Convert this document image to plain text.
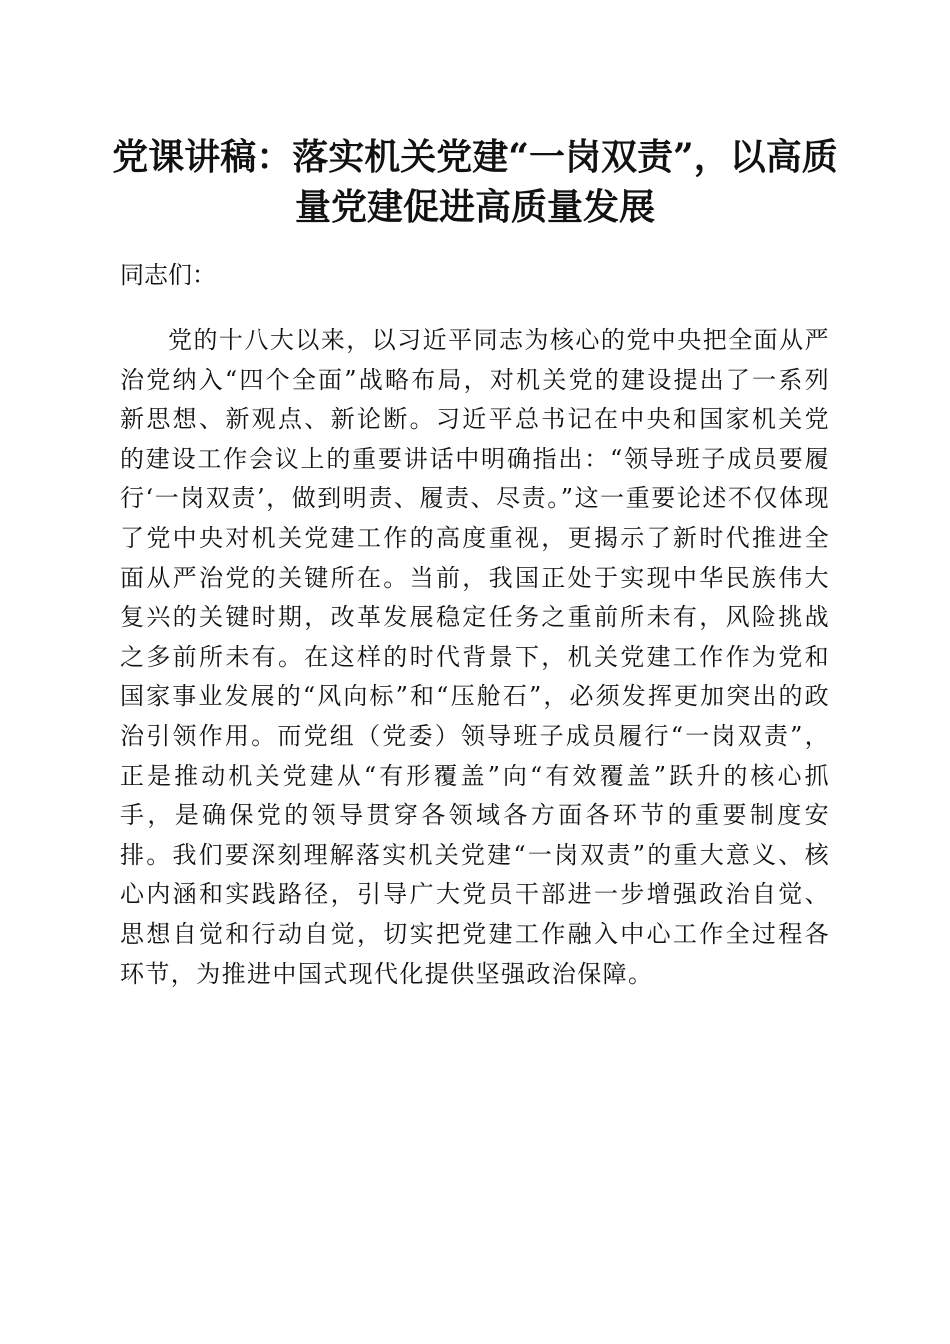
党课讲稿：落实机关党建“一岗双责”，以高质量党建促进高质量发展

同志们：

党的十八大以来，以习近平同志为核心的党中央把全面从严治党纳入“四个全面”战略布局，对机关党的建设提出了一系列新思想、新观点、新论断。习近平总书记在中央和国家机关党的建设工作会议上的重要讲话中明确指出：“领导班子成员要履行‘一岗双责’，做到明责、履责、尽责。”这一重要论述不仅体现了党中央对机关党建工作的高度重视，更揭示了新时代推进全面从严治党的关键所在。当前，我国正处于实现中华民族伟大复兴的关键时期，改革发展稳定任务之重前所未有，风险挑战之多前所未有。在这样的时代背景下，机关党建工作作为党和国家事业发展的“风向标”和“压舱石”，必须发挥更加突出的政治引领作用。而党组（党委）领导班子成员履行“一岗双责”，正是推动机关党建从“有形覆盖”向“有效覆盖”跃升的核心抓手，是确保党的领导贯穿各领域各方面各环节的重要制度安排。我们要深刻理解落实机关党建“一岗双责”的重大意义、核心内涵和实践路径，引导广大党员干部进一步增强政治自觉、思想自觉和行动自觉，切实把党建工作融入中心工作全过程各环节，为推进中国式现代化提供坚强政治保障。
